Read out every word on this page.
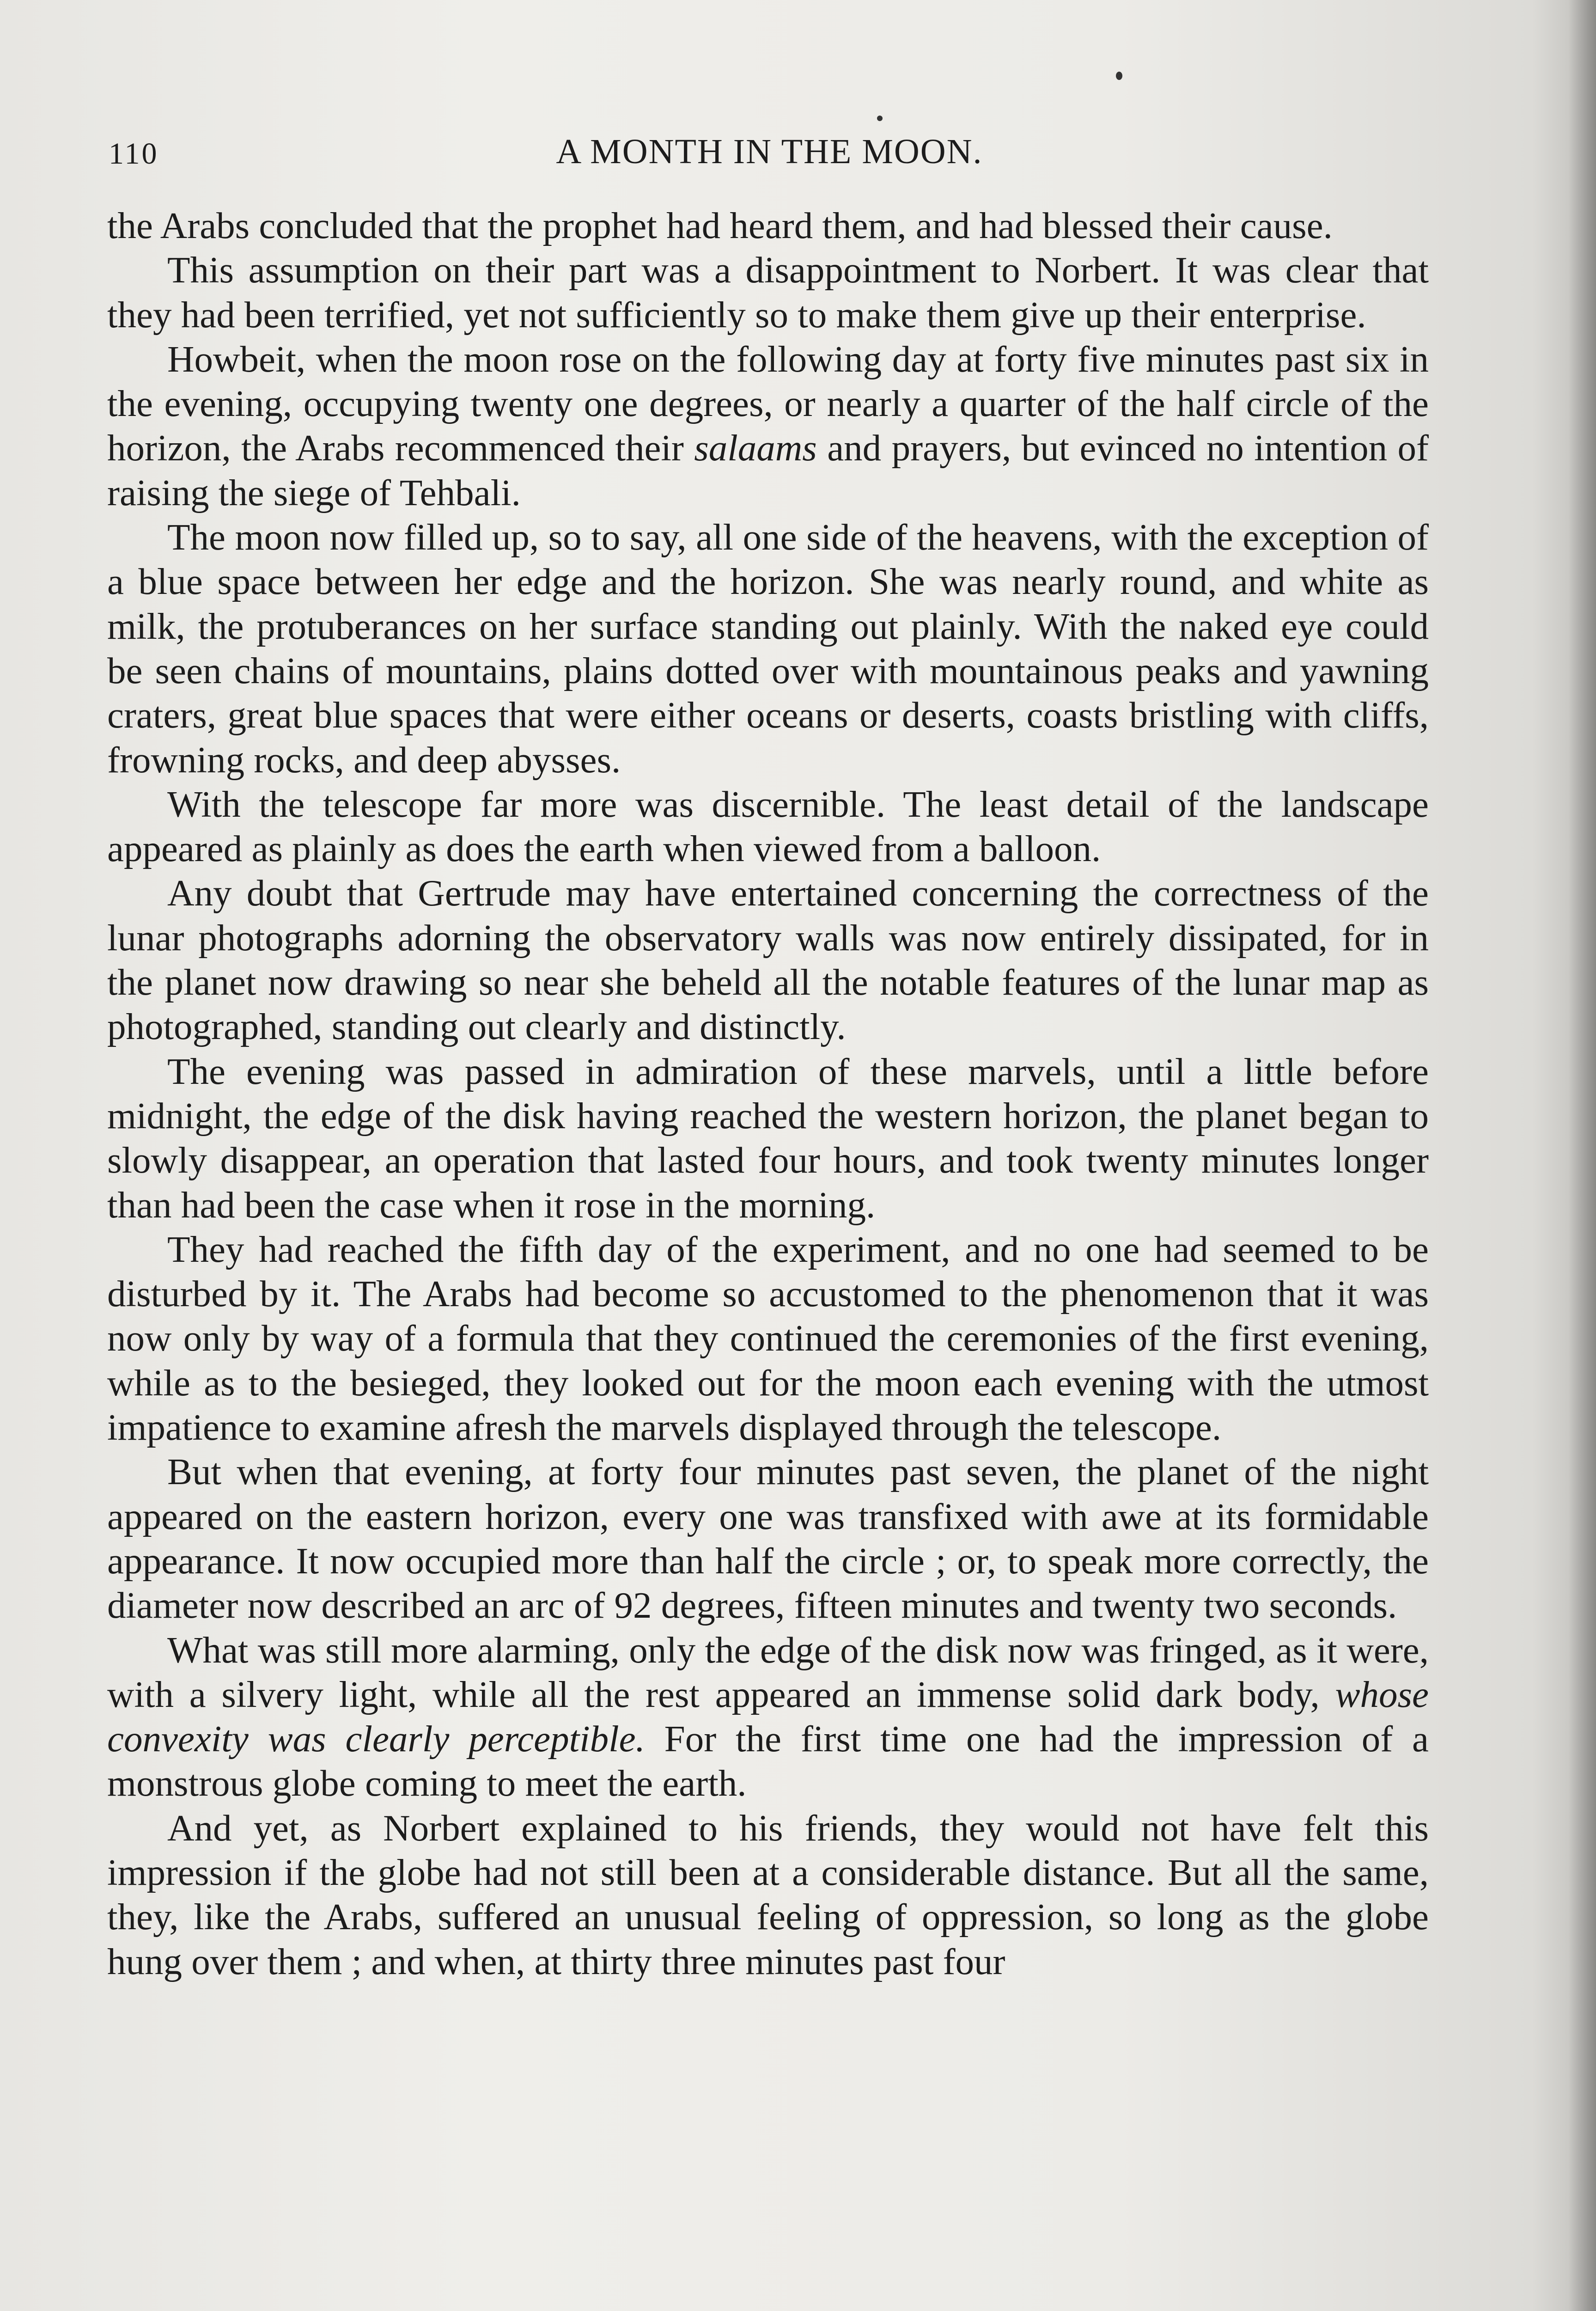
110	A MONTH IN THE MOON.

the Arabs concluded that the prophet had heard them, and had blessed their cause.

This assumption on their part was a disappointment to Norbert. It was clear that they had been terrified, yet not sufficiently so to make them give up their enterprise.

Howbeit, when the moon rose on the following day at forty five minutes past six in the evening, occupying twenty one degrees, or nearly a quarter of the half circle of the horizon, the Arabs recommenced their salaams and prayers, but evinced no intention of raising the siege of Tehbali.

The moon now filled up, so to say, all one side of the heavens, with the exception of a blue space between her edge and the horizon. She was nearly round, and white as milk, the protuberances on her surface standing out plainly. With the naked eye could be seen chains of mountains, plains dotted over with mountainous peaks and yawning craters, great blue spaces that were either oceans or deserts, coasts bristling with cliffs, frowning rocks, and deep abysses.

With the telescope far more was discernible. The least detail of the landscape appeared as plainly as does the earth when viewed from a balloon.

Any doubt that Gertrude may have entertained concerning the correctness of the lunar photographs adorning the observatory walls was now entirely dissipated, for in the planet now drawing so near she beheld all the notable features of the lunar map as photographed, standing out clearly and distinctly.

The evening was passed in admiration of these marvels, until a little before midnight, the edge of the disk having reached the western horizon, the planet began to slowly disappear, an operation that lasted four hours, and took twenty minutes longer than had been the case when it rose in the morning.

They had reached the fifth day of the experiment, and no one had seemed to be disturbed by it. The Arabs had become so accustomed to the phenomenon that it was now only by way of a formula that they continued the ceremonies of the first evening, while as to the besieged, they looked out for the moon each evening with the utmost impatience to examine afresh the marvels displayed through the telescope.

But when that evening, at forty four minutes past seven, the planet of the night appeared on the eastern horizon, every one was transfixed with awe at its formidable appearance. It now occupied more than half the circle ; or, to speak more correctly, the diameter now described an arc of 92 degrees, fifteen minutes and twenty two seconds.

What was still more alarming, only the edge of the disk now was fringed, as it were, with a silvery light, while all the rest appeared an immense solid dark body, whose convexity was clearly perceptible. For the first time one had the impression of a monstrous globe coming to meet the earth.

And yet, as Norbert explained to his friends, they would not have felt this impression if the globe had not still been at a considerable distance. But all the same, they, like the Arabs, suffered an unusual feeling of oppression, so long as the globe hung over them ; and when, at thirty three minutes past four
